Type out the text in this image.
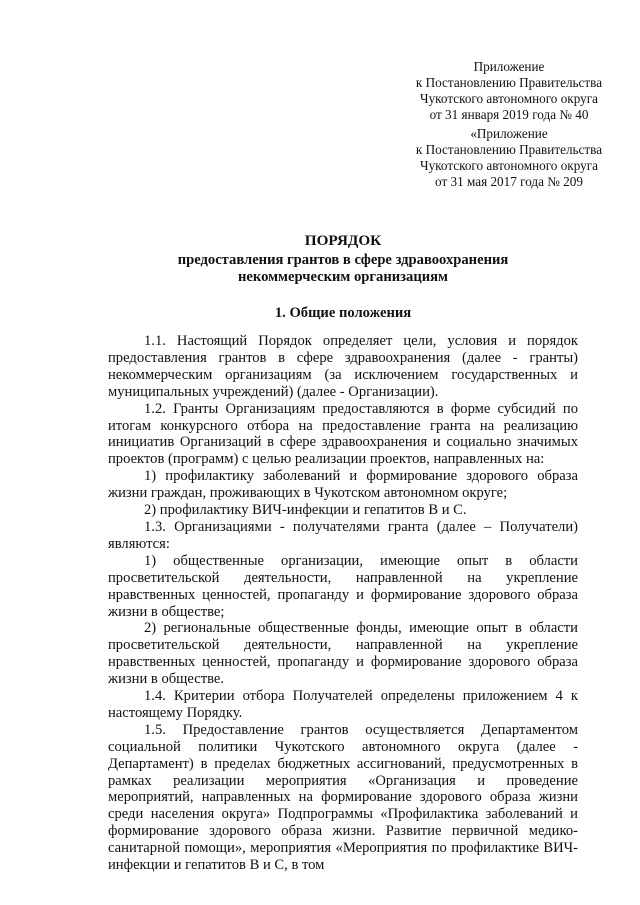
Приложение
к Постановлению Правительства
Чукотского автономного округа
от 31 января 2019 года № 40
«Приложение
к Постановлению Правительства
Чукотского автономного округа
от 31 мая 2017 года № 209
ПОРЯДОК
предоставления грантов в сфере здравоохранения
некоммерческим организациям
1. Общие положения

1.1. Настоящий Порядок определяет цели, условия и порядок предоставления грантов в сфере здравоохранения (далее - гранты) некоммерческим организациям (за исключением государственных и муниципальных учреждений) (далее - Организации).

1.2. Гранты Организациям предоставляются в форме субсидий по итогам конкурсного отбора на предоставление гранта на реализацию инициатив Организаций в сфере здравоохранения и социально значимых проектов (программ) с целью реализации проектов, направленных на:

1) профилактику заболеваний и формирование здорового образа жизни граждан, проживающих в Чукотском автономном округе;

2) профилактику ВИЧ-инфекции и гепатитов В и С.

1.3. Организациями - получателями гранта (далее – Получатели) являются:

1) общественные организации, имеющие опыт в области просветительской деятельности, направленной на укрепление нравственных ценностей, пропаганду и формирование здорового образа жизни в обществе;

2) региональные общественные фонды, имеющие опыт в области просветительской деятельности, направленной на укрепление нравственных ценностей, пропаганду и формирование здорового образа жизни в обществе.

1.4. Критерии отбора Получателей определены приложением 4 к настоящему Порядку.

1.5. Предоставление грантов осуществляется Департаментом социальной политики Чукотского автономного округа (далее - Департамент) в пределах бюджетных ассигнований, предусмотренных в рамках реализации мероприятия «Организация и проведение мероприятий, направленных на формирование здорового образа жизни среди населения округа» Подпрограммы «Профилактика заболеваний и формирование здорового образа жизни. Развитие первичной медико-санитарной помощи», мероприятия «Мероприятия по профилактике ВИЧ-инфекции и гепатитов В и С, в том
